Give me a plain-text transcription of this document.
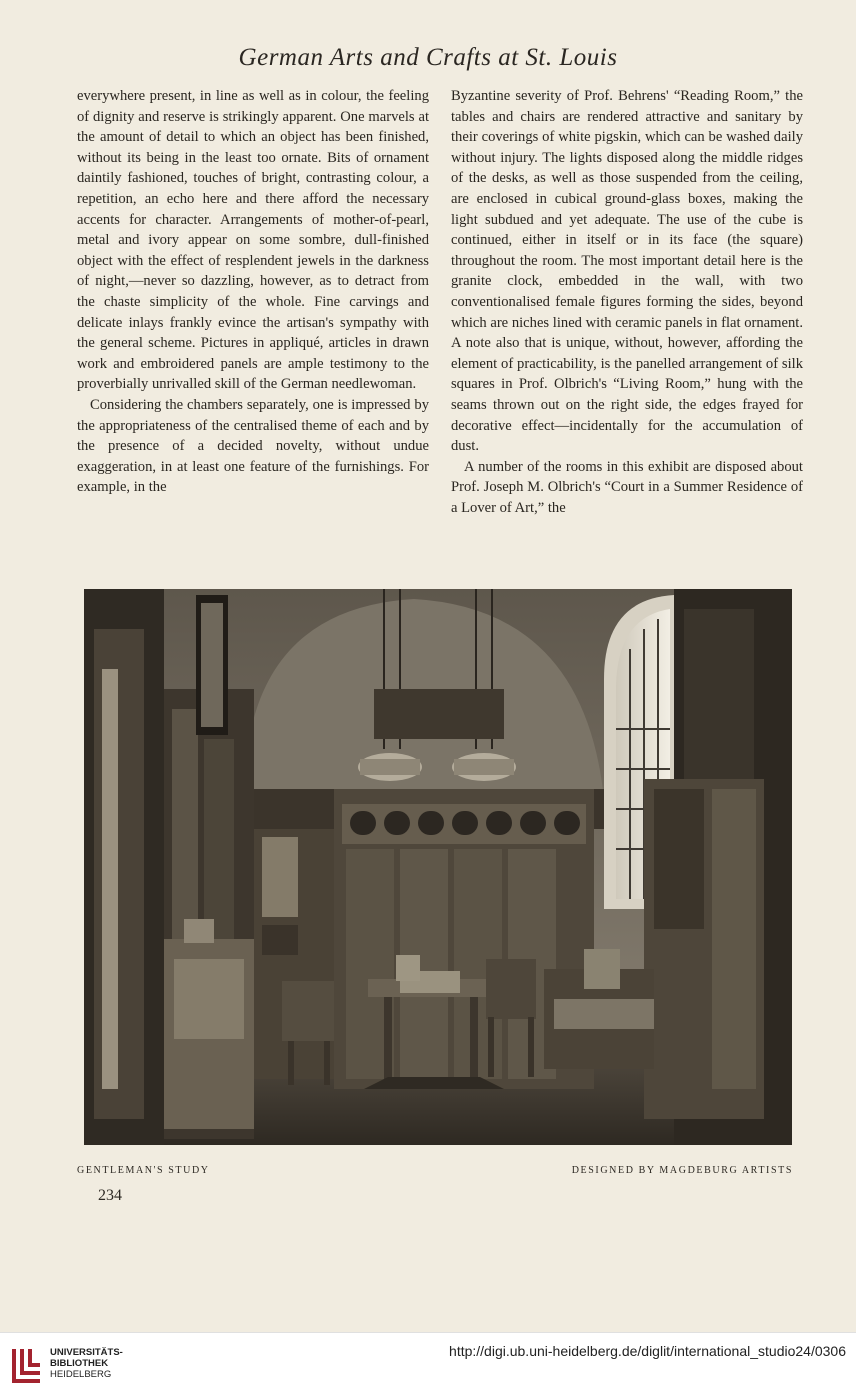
German Arts and Crafts at St. Louis

everywhere present, in line as well as in colour, the feeling of dignity and reserve is strikingly apparent. One marvels at the amount of detail to which an object has been finished, without its being in the least too ornate. Bits of ornament daintily fashioned, touches of bright, contrasting colour, a repetition, an echo here and there afford the necessary accents for character. Arrangements of mother-of-pearl, metal and ivory appear on some sombre, dull-finished object with the effect of resplendent jewels in the darkness of night,—never so dazzling, however, as to detract from the chaste simplicity of the whole. Fine carvings and delicate inlays frankly evince the artisan's sympathy with the general scheme. Pictures in appliqué, articles in drawn work and embroidered panels are ample testimony to the proverbially unrivalled skill of the German needlewoman.

Considering the chambers separately, one is impressed by the appropriateness of the centralised theme of each and by the presence of a decided novelty, without undue exaggeration, in at least one feature of the furnishings. For example, in the

Byzantine severity of Prof. Behrens' “Reading Room,” the tables and chairs are rendered attractive and sanitary by their coverings of white pigskin, which can be washed daily without injury. The lights disposed along the middle ridges of the desks, as well as those suspended from the ceiling, are enclosed in cubical ground-glass boxes, making the light subdued and yet adequate. The use of the cube is continued, either in itself or in its face (the square) throughout the room. The most important detail here is the granite clock, embedded in the wall, with two conventionalised female figures forming the sides, beyond which are niches lined with ceramic panels in flat ornament. A note also that is unique, without, however, affording the element of practicability, is the panelled arrangement of silk squares in Prof. Olbrich's “Living Room,” hung with the seams thrown out on the right side, the edges frayed for decorative effect—incidentally for the accumulation of dust.

A number of the rooms in this exhibit are disposed about Prof. Joseph M. Olbrich's “Court in a Summer Residence of a Lover of Art,” the

GENTLEMAN'S STUDY	DESIGNED BY MAGDEBURG ARTISTS
234
UNIVERSITÄTS-
BIBLIOTHEK
HEIDELBERG
http://digi.ub.uni-heidelberg.de/diglit/international_studio24/0306
